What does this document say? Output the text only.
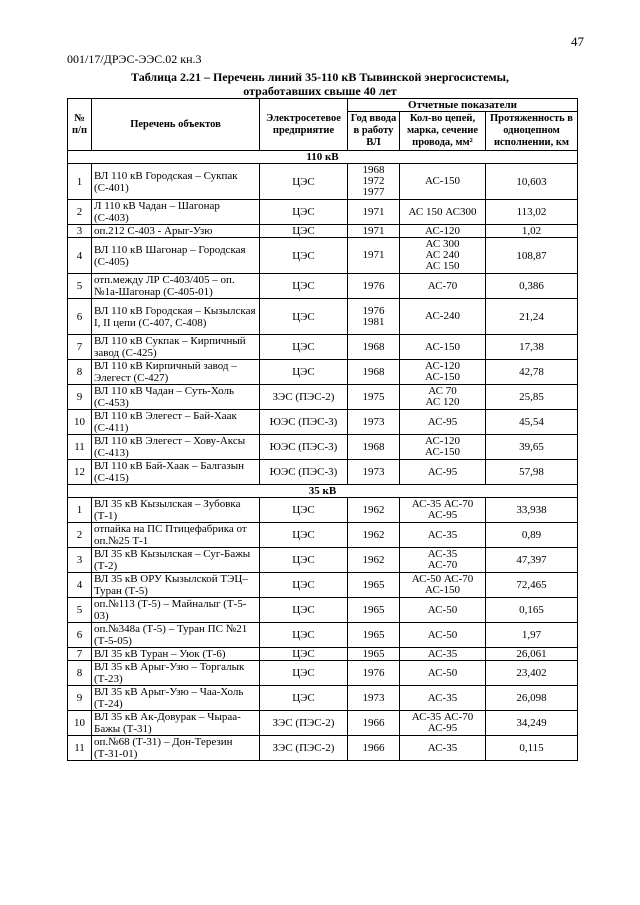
47
001/17/ДРЭС-ЭЭС.02 кн.3
Таблица 2.21 – Перечень линий 35-110 кВ Тывинской энергосистемы,
отработавших свыше 40 лет
№ п/п	Перечень объектов	Электросетевое предприятие	Отчетные показатели		
			Год ввода в работу ВЛ	Кол-во цепей, марка, сечение провода, мм²	Протяженность в одноцепном исполнении, км
110 кВ					
1	ВЛ 110 кВ Городская – Сукпак (С-401)	ЦЭС	1968
1972
1977	АС-150	10,603
2	Л 110 кВ Чадан – Шагонар (С-403)	ЦЭС	1971	АС 150 АС300	113,02
3	оп.212 С-403 - Арыг-Узю	ЦЭС	1971	АС-120	1,02
4	ВЛ 110 кВ Шагонар – Городская (С-405)	ЦЭС	1971	АС 300
АС 240
АС 150	108,87
5	отп.между ЛР С-403/405 – оп.№1а-Шагонар (С-405-01)	ЦЭС	1976	АС-70	0,386
6	ВЛ 110 кВ Городская – Кызылская I, II цепи (С-407, С-408)	ЦЭС	1976
1981	АС-240	21,24
7	ВЛ 110 кВ Сукпак – Кирпичный завод (С-425)	ЦЭС	1968	АС-150	17,38
8	ВЛ 110 кВ Кирпичный завод – Элегест (С-427)	ЦЭС	1968	АС-120
АС-150	42,78
9	ВЛ 110 кВ Чадан – Суть-Холь (С-453)	ЗЭС (ПЭС-2)	1975	АС 70
АС 120	25,85
10	ВЛ 110 кВ Элегест – Бай-Хаак (С-411)	ЮЭС (ПЭС-3)	1973	АС-95	45,54
11	ВЛ 110 кВ Элегест – Хову-Аксы (С-413)	ЮЭС (ПЭС-3)	1968	АС-120
АС-150	39,65
12	ВЛ 110 кВ Бай-Хаак – Балгазын (С-415)	ЮЭС (ПЭС-3)	1973	АС-95	57,98
35 кВ					
1	ВЛ 35 кВ Кызылская – Зубовка (Т-1)	ЦЭС	1962	АС-35 АС-70
АС-95	33,938
2	отпайка на ПС Птицефабрика от оп.№25 Т-1	ЦЭС	1962	АС-35	0,89
3	ВЛ 35 кВ Кызылская – Суг-Бажы (Т-2)	ЦЭС	1962	АС-35
АС-70	47,397
4	ВЛ 35 кВ ОРУ Кызылской ТЭЦ– Туран (Т-5)	ЦЭС	1965	АС-50 АС-70
АС-150	72,465
5	оп.№113 (Т-5) – Майналыг (Т-5-03)	ЦЭС	1965	АС-50	0,165
6	оп.№348а (Т-5) – Туран ПС №21 (Т-5-05)	ЦЭС	1965	АС-50	1,97
7	ВЛ 35 кВ Туран – Уюк (Т-6)	ЦЭС	1965	АС-35	26,061
8	ВЛ 35 кВ Арыг-Узю – Торгалык (Т-23)	ЦЭС	1976	АС-50	23,402
9	ВЛ 35 кВ Арыг-Узю – Чаа-Холь (Т-24)	ЦЭС	1973	АС-35	26,098
10	ВЛ 35 кВ Ак-Довурак – Чыраа-Бажы (Т-31)	ЗЭС (ПЭС-2)	1966	АС-35 АС-70
АС-95	34,249
11	оп.№68 (Т-31) – Дон-Терезин (Т-31-01)	ЗЭС (ПЭС-2)	1966	АС-35	0,115
